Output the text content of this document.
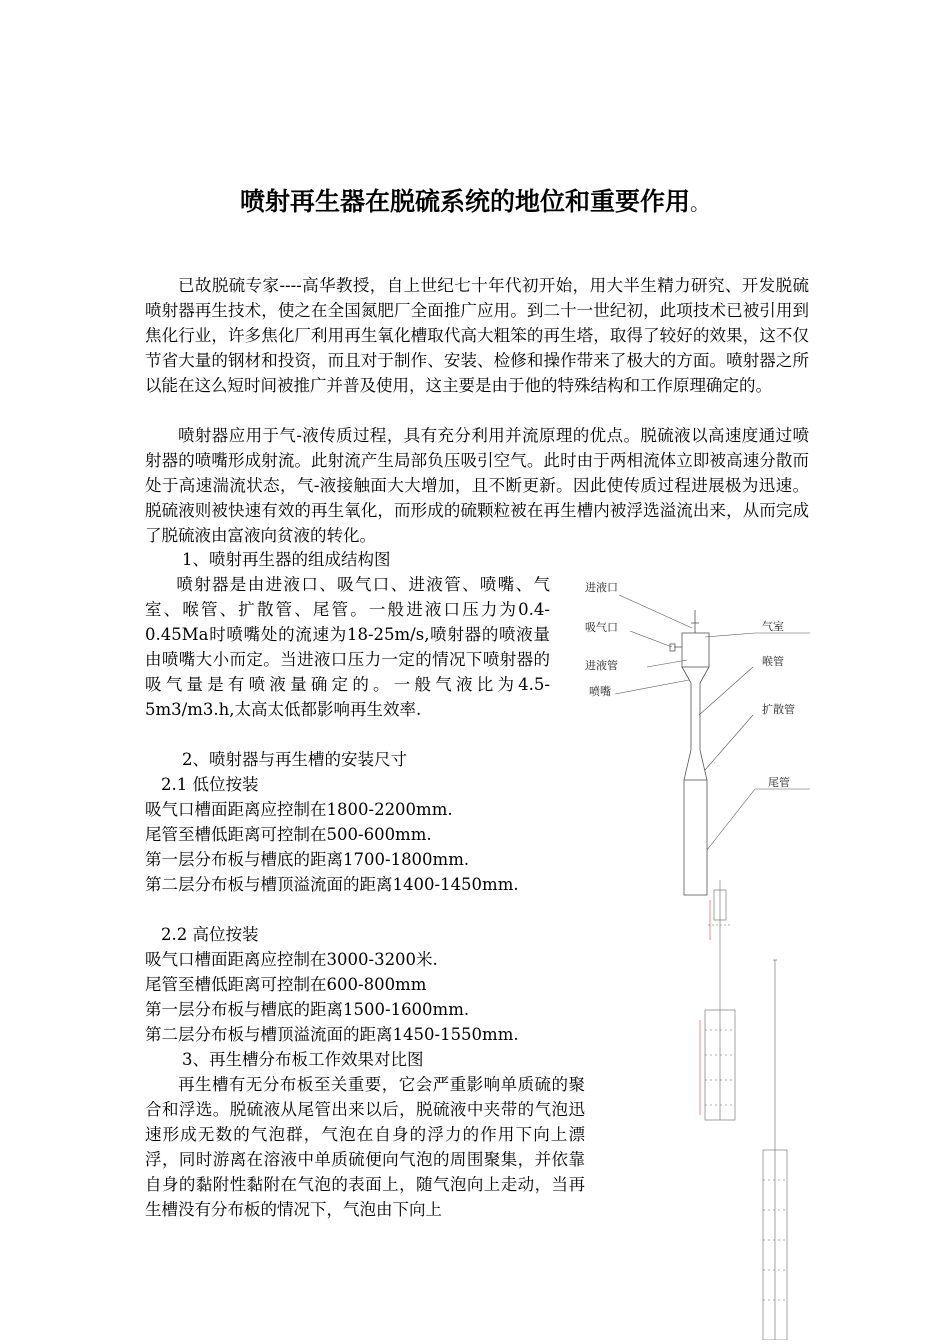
喷射再生器在脱硫系统的地位和重要作用。

已故脱硫专家----高华教授，自上世纪七十年代初开始，用大半生精力研究、开发脱硫喷射器再生技术，使之在全国氮肥厂全面推广应用。到二十一世纪初，此项技术已被引用到焦化行业，许多焦化厂利用再生氧化槽取代高大粗笨的再生塔，取得了较好的效果，这不仅节省大量的钢材和投资，而且对于制作、安装、检修和操作带来了极大的方面。喷射器之所以能在这么短时间被推广并普及使用，这主要是由于他的特殊结构和工作原理确定的。

喷射器应用于气-液传质过程，具有充分利用并流原理的优点。脱硫液以高速度通过喷射器的喷嘴形成射流。此射流产生局部负压吸引空气。此时由于两相流体立即被高速分散而处于高速湍流状态，气-液接触面大大增加，且不断更新。因此使传质过程进展极为迅速。脱硫液则被快速有效的再生氧化，而形成的硫颗粒被在再生槽内被浮选溢流出来，从而完成了脱硫液由富液向贫液的转化。

1、喷射再生器的组成结构图

喷射器是由进液口、吸气口、进液管、喷嘴、气室、喉管、扩散管、尾管。一般进液口压力为0.4-0.45Ma时喷嘴处的流速为18-25m/s,喷射器的喷液量由喷嘴大小而定。当进液口压力一定的情况下喷射器的吸气量是有喷液量确定的。一般气液比为4.5-5m3/m3.h,太高太低都影响再生效率.

2、喷射器与再生槽的安装尺寸
2.1 低位按装
吸气口槽面距离应控制在1800-2200mm.
尾管至槽低距离可控制在500-600mm.
第一层分布板与槽底的距离1700-1800mm.
第二层分布板与槽顶溢流面的距离1400-1450mm.
2.2 高位按装
吸气口槽面距离应控制在3000-3200米.
尾管至槽低距离可控制在600-800mm
第一层分布板与槽底的距离1500-1600mm.
第二层分布板与槽顶溢流面的距离1450-1550mm.
3、再生槽分布板工作效果对比图

再生槽有无分布板至关重要，它会严重影响单质硫的聚合和浮选。脱硫液从尾管出来以后，脱硫液中夹带的气泡迅速形成无数的气泡群，气泡在自身的浮力的作用下向上漂浮，同时游离在溶液中单质硫便向气泡的周围聚集，并依靠自身的黏附性黏附在气泡的表面上，随气泡向上走动，当再生槽没有分布板的情况下，气泡由下向上

进液口
吸气口
进液管
喷嘴
气室
喉管
扩散管
尾管
